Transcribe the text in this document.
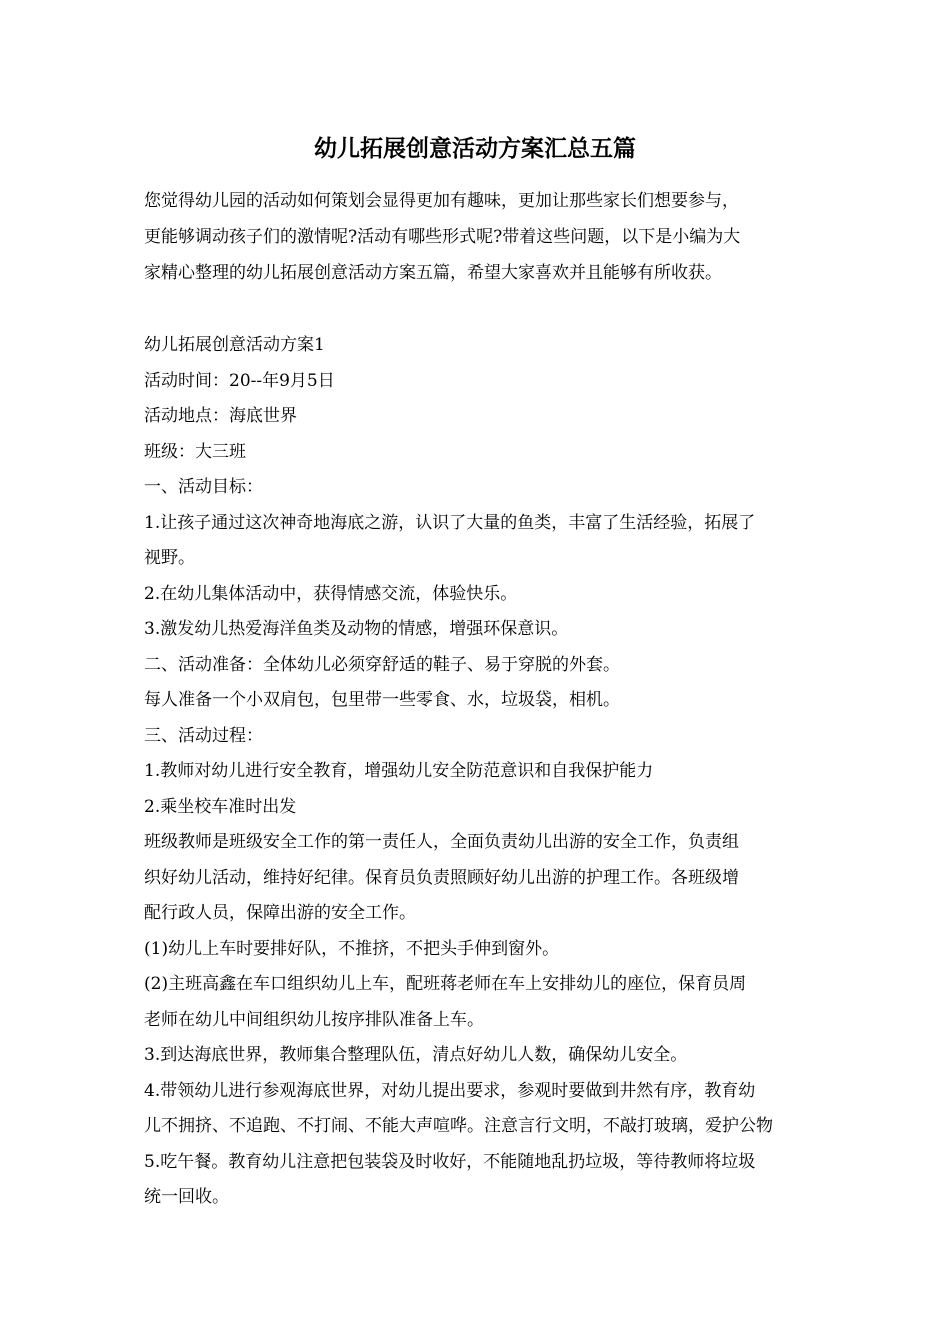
幼儿拓展创意活动方案汇总五篇

您觉得幼儿园的活动如何策划会显得更加有趣味，更加让那些家长们想要参与，

更能够调动孩子们的激情呢?活动有哪些形式呢?带着这些问题，以下是小编为大

家精心整理的幼儿拓展创意活动方案五篇，希望大家喜欢并且能够有所收获。

幼儿拓展创意活动方案1

活动时间：20--年9月5日

活动地点：海底世界

班级：大三班

一、活动目标：

1.让孩子通过这次神奇地海底之游，认识了大量的鱼类，丰富了生活经验，拓展了

视野。

2.在幼儿集体活动中，获得情感交流，体验快乐。

3.激发幼儿热爱海洋鱼类及动物的情感，增强环保意识。

二、活动准备：全体幼儿必须穿舒适的鞋子、易于穿脱的外套。

每人准备一个小双肩包，包里带一些零食、水，垃圾袋，相机。

三、活动过程：

1.教师对幼儿进行安全教育，增强幼儿安全防范意识和自我保护能力

2.乘坐校车准时出发

班级教师是班级安全工作的第一责任人，全面负责幼儿出游的安全工作，负责组

织好幼儿活动，维持好纪律。保育员负责照顾好幼儿出游的护理工作。各班级增

配行政人员，保障出游的安全工作。

(1)幼儿上车时要排好队，不推挤，不把头手伸到窗外。

(2)主班高鑫在车口组织幼儿上车，配班蒋老师在车上安排幼儿的座位，保育员周

老师在幼儿中间组织幼儿按序排队准备上车。

3.到达海底世界，教师集合整理队伍，清点好幼儿人数，确保幼儿安全。

4.带领幼儿进行参观海底世界，对幼儿提出要求，参观时要做到井然有序，教育幼

儿不拥挤、不追跑、不打闹、不能大声喧哗。注意言行文明，不敲打玻璃，爱护公物

5.吃午餐。教育幼儿注意把包装袋及时收好，不能随地乱扔垃圾，等待教师将垃圾

统一回收。
